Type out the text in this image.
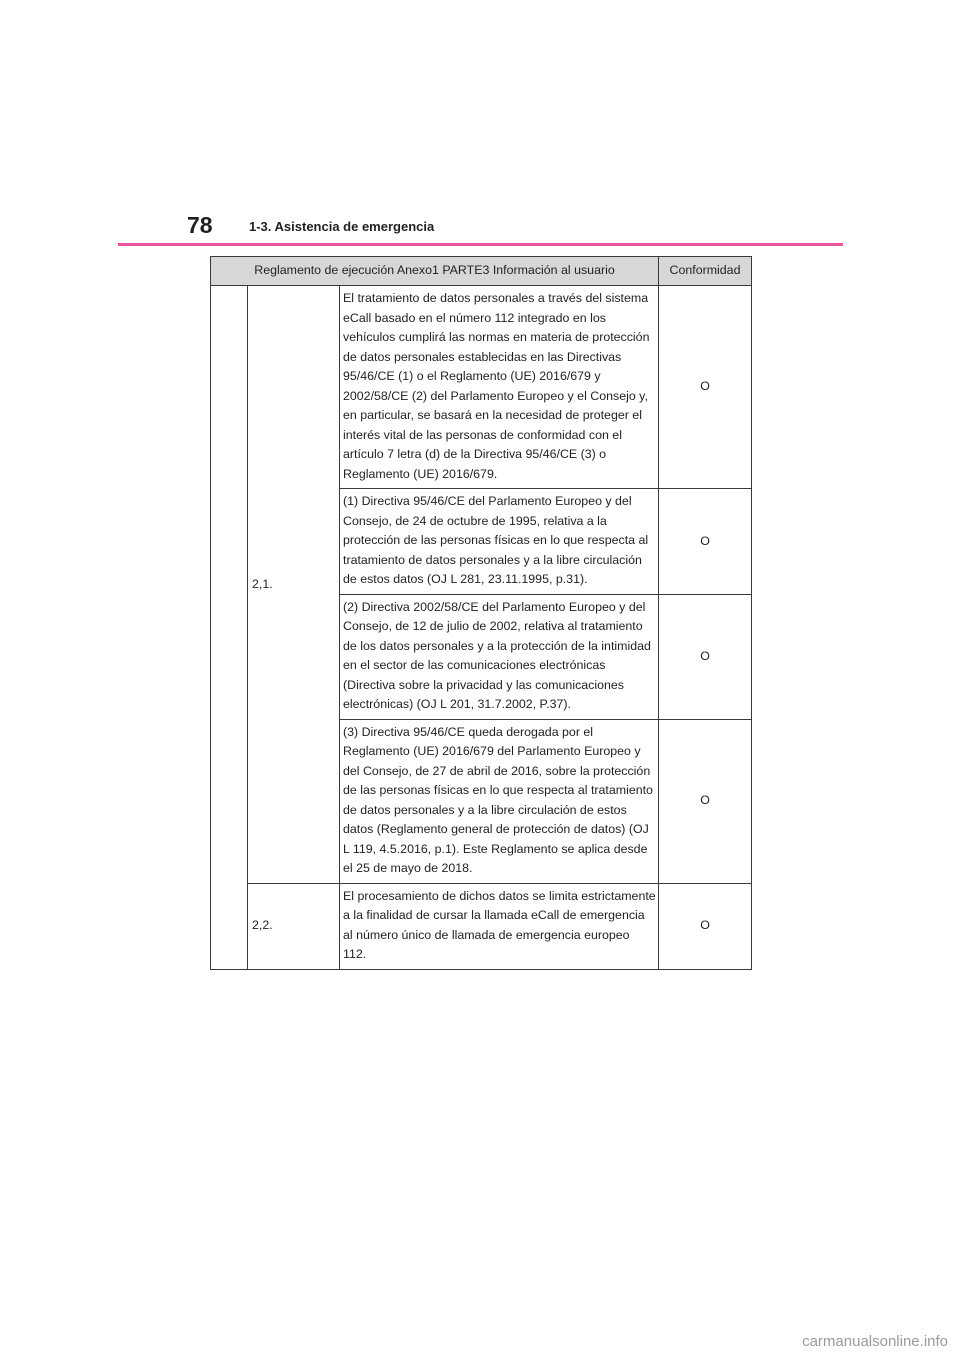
78	1-3. Asistencia de emergencia
Reglamento de ejecución Anexo1 PARTE3 Información al usuario			Conformidad
	2,1.	El tratamiento de datos personales a través del sistema eCall basado en el número 112 integrado en los vehículos cumplirá las normas en materia de protección de datos personales establecidas en las Directivas 95/46/CE (1) o el Reglamento (UE) 2016/679 y 2002/58/CE (2) del Parlamento Europeo y el Consejo y, en particular, se basará en la necesidad de proteger el interés vital de las personas de conformidad con el artículo 7 letra (d) de la Directiva 95/46/CE (3) o Reglamento (UE) 2016/679.	O
		(1) Directiva 95/46/CE del Parlamento Europeo y del Consejo, de 24 de octubre de 1995, relativa a la protección de las personas físicas en lo que respecta al tratamiento de datos personales y a la libre circulación de estos datos (OJ L 281, 23.11.1995, p.31).	O
		(2) Directiva 2002/58/CE del Parlamento Europeo y del Consejo, de 12 de julio de 2002, relativa al tratamiento de los datos personales y a la protección de la intimidad en el sector de las comunicaciones electrónicas (Directiva sobre la privacidad y las comunicaciones electrónicas) (OJ L 201, 31.7.2002, P.37).	O
		(3) Directiva 95/46/CE queda derogada por el Reglamento (UE) 2016/679 del Parlamento Europeo y del Consejo, de 27 de abril de 2016, sobre la protección de las personas físicas en lo que respecta al tratamiento de datos personales y a la libre circulación de estos datos (Reglamento general de protección de datos) (OJ L 119, 4.5.2016, p.1). Este Reglamento se aplica desde el 25 de mayo de 2018.	O
	2,2.	El procesamiento de dichos datos se limita estrictamente a la finalidad de cursar la llamada eCall de emergencia al número único de llamada de emergencia europeo 112.	O
carmanualsonline.info
